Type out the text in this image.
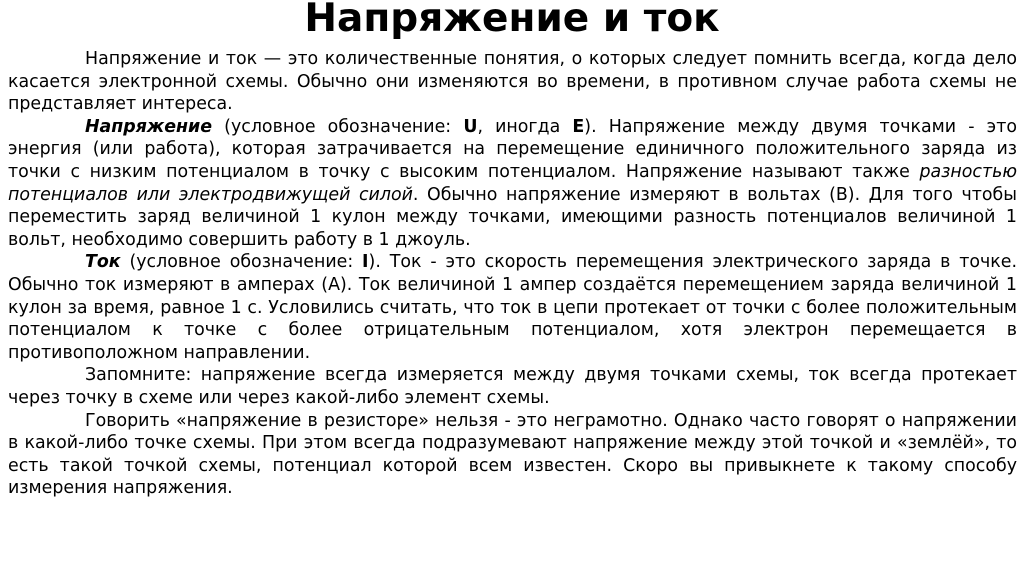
Напряжение и ток

Напряжение и ток — это количественные понятия, о которых следует помнить всегда, когда дело касается электронной схемы. Обычно они изменяются во времени, в противном случае работа схемы не представляет интереса.

Напряжение (условное обозначение: U, иногда E). Напряжение между двумя точками - это энергия (или работа), которая затрачивается на перемещение единичного положительного заряда из точки с низким потенциалом в точку с высоким потенциалом. Напряжение называют также разностью потенциалов или электродвижущей силой. Обычно напряжение измеряют в вольтах (В). Для того чтобы переместить заряд величиной 1 кулон между точками, имеющими разность потенциалов величиной 1 вольт, необходимо совершить работу в 1 джоуль.

Ток (условное обозначение: I). Ток - это скорость перемещения электрического заряда в точке. Обычно ток измеряют в амперах (А). Ток величиной 1 ампер создаётся перемещением заряда величиной 1 кулон за время, равное 1 с. Условились считать, что ток в цепи протекает от точки с более положительным потенциалом к точке с более отрицательным потенциалом, хотя электрон перемещается в противоположном направлении.

Запомните: напряжение всегда измеряется между двумя точками схемы, ток всегда протекает через точку в схеме или через какой-либо элемент схемы.

Говорить «напряжение в резисторе» нельзя - это неграмотно. Однако часто говорят о напряжении в какой-либо точке схемы. При этом всегда подразумевают напряжение между этой точкой и «землёй», то есть такой точкой схемы, потенциал которой всем известен. Скоро вы привыкнете к такому способу измерения напряжения.
